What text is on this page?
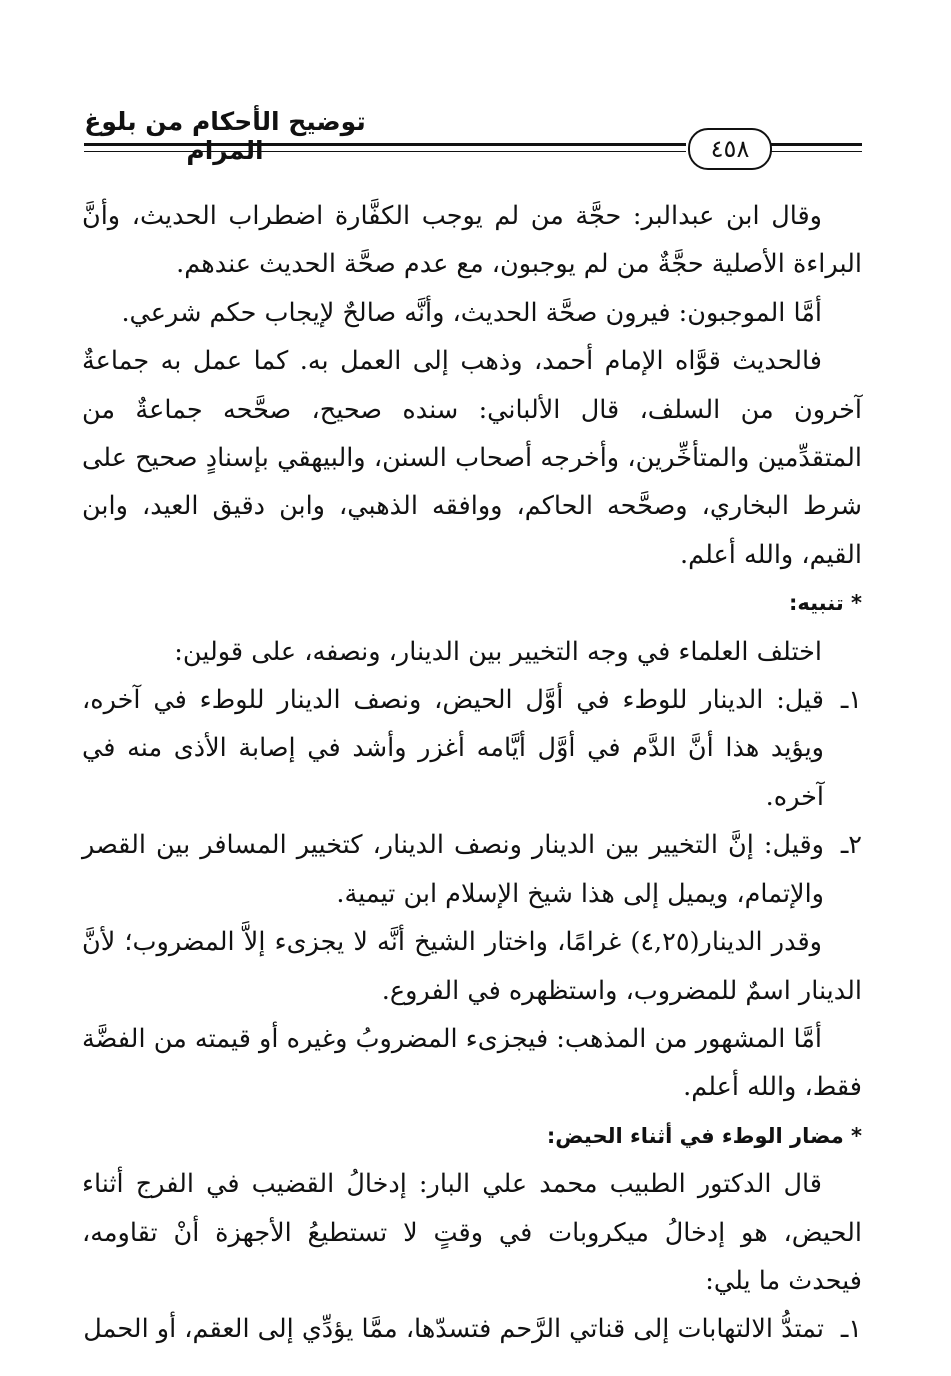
توضيح الأحكام من بلوغ المرام	٤٥٨

وقال ابن عبدالبر: حجَّة من لم يوجب الكفَّارة اضطراب الحديث، وأنَّ البراءة الأصلية حجَّةٌ من لم يوجبون، مع عدم صحَّة الحديث عندهم.

أمَّا الموجبون: فيرون صحَّة الحديث، وأنَّه صالحٌ لإيجاب حكم شرعي.

فالحديث قوَّاه الإمام أحمد، وذهب إلى العمل به. كما عمل به جماعةٌ آخرون من السلف، قال الألباني: سنده صحيح، صحَّحه جماعةٌ من المتقدِّمين والمتأخِّرين، وأخرجه أصحاب السنن، والبيهقي بإسنادٍ صحيح على شرط البخاري، وصحَّحه الحاكم، ووافقه الذهبي، وابن دقيق العيد، وابن القيم، والله أعلم.

* تنبيه:

اختلف العلماء في وجه التخيير بين الدينار، ونصفه، على قولين:

١ـقيل: الدينار للوطء في أوَّل الحيض، ونصف الدينار للوطء في آخره، ويؤيد هذا أنَّ الدَّم في أوَّل أيَّامه أغزر وأشد في إصابة الأذى منه في آخره.

٢ـوقيل: إنَّ التخيير بين الدينار ونصف الدينار، كتخيير المسافر بين القصر والإتمام، ويميل إلى هذا شيخ الإسلام ابن تيمية.

وقدر الدينار(٤,٢٥) غرامًا، واختار الشيخ أنَّه لا يجزىء إلاَّ المضروب؛ لأنَّ الدينار اسمٌ للمضروب، واستظهره في الفروع.

أمَّا المشهور من المذهب: فيجزىء المضروبُ وغيره أو قيمته من الفضَّة فقط، والله أعلم.

* مضار الوطء في أثناء الحيض:

قال الدكتور الطبيب محمد علي البار: إدخالُ القضيب في الفرج أثناء الحيض، هو إدخالُ ميكروبات في وقتٍ لا تستطيعُ الأجهزة أنْ تقاومه، فيحدث ما يلي:

١ـتمتدُّ الالتهابات إلى قناتي الرَّحم فتسدّها، ممَّا يؤدِّي إلى العقم، أو الحمل
